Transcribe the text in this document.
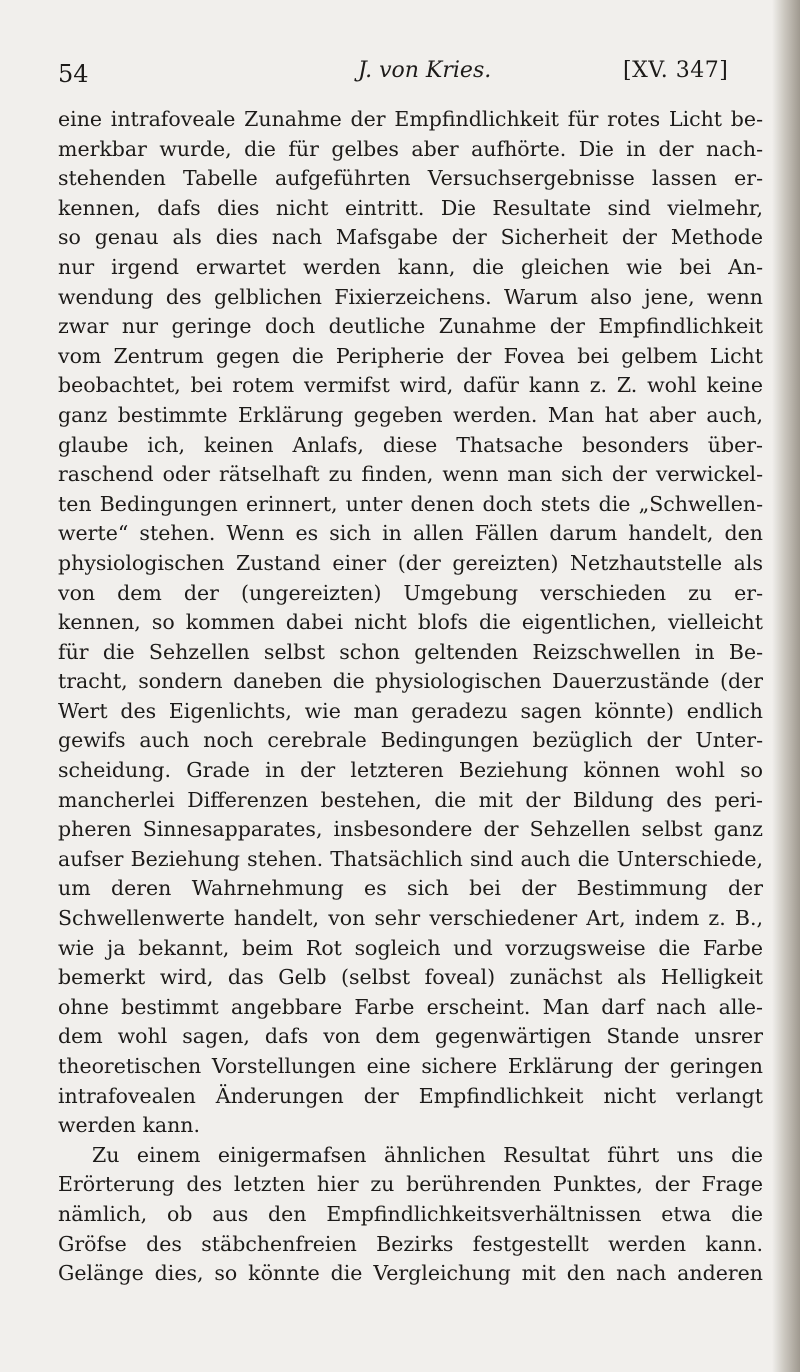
54	J. von Kries.	[XV. 347]
eine intrafoveale Zunahme der Empfindlichkeit für rotes Licht be-
merkbar wurde, die für gelbes aber aufhörte. Die in der nach-
stehenden Tabelle aufgeführten Versuchsergebnisse lassen er-
kennen, dafs dies nicht eintritt. Die Resultate sind vielmehr,
so genau als dies nach Mafsgabe der Sicherheit der Methode
nur irgend erwartet werden kann, die gleichen wie bei An-
wendung des gelblichen Fixierzeichens. Warum also jene, wenn
zwar nur geringe doch deutliche Zunahme der Empfindlichkeit
vom Zentrum gegen die Peripherie der Fovea bei gelbem Licht
beobachtet, bei rotem vermifst wird, dafür kann z. Z. wohl keine
ganz bestimmte Erklärung gegeben werden. Man hat aber auch,
glaube ich, keinen Anlafs, diese Thatsache besonders über-
raschend oder rätselhaft zu finden, wenn man sich der verwickel-
ten Bedingungen erinnert, unter denen doch stets die „Schwellen-
werte“ stehen. Wenn es sich in allen Fällen darum handelt, den
physiologischen Zustand einer (der gereizten) Netzhautstelle als
von dem der (ungereizten) Umgebung verschieden zu er-
kennen, so kommen dabei nicht blofs die eigentlichen, vielleicht
für die Sehzellen selbst schon geltenden Reizschwellen in Be-
tracht, sondern daneben die physiologischen Dauerzustände (der
Wert des Eigenlichts, wie man geradezu sagen könnte) endlich
gewifs auch noch cerebrale Bedingungen bezüglich der Unter-
scheidung. Grade in der letzteren Beziehung können wohl so
mancherlei Differenzen bestehen, die mit der Bildung des peri-
pheren Sinnesapparates, insbesondere der Sehzellen selbst ganz
aufser Beziehung stehen. Thatsächlich sind auch die Unterschiede,
um deren Wahrnehmung es sich bei der Bestimmung der
Schwellenwerte handelt, von sehr verschiedener Art, indem z. B.,
wie ja bekannt, beim Rot sogleich und vorzugsweise die Farbe
bemerkt wird, das Gelb (selbst foveal) zunächst als Helligkeit
ohne bestimmt angebbare Farbe erscheint. Man darf nach alle-
dem wohl sagen, dafs von dem gegenwärtigen Stande unsrer
theoretischen Vorstellungen eine sichere Erklärung der geringen
intrafovealen Änderungen der Empfindlichkeit nicht verlangt
werden kann.
Zu einem einigermafsen ähnlichen Resultat führt uns die
Erörterung des letzten hier zu berührenden Punktes, der Frage
nämlich, ob aus den Empfindlichkeitsverhältnissen etwa die
Gröfse des stäbchenfreien Bezirks festgestellt werden kann.
Gelänge dies, so könnte die Vergleichung mit den nach anderen
